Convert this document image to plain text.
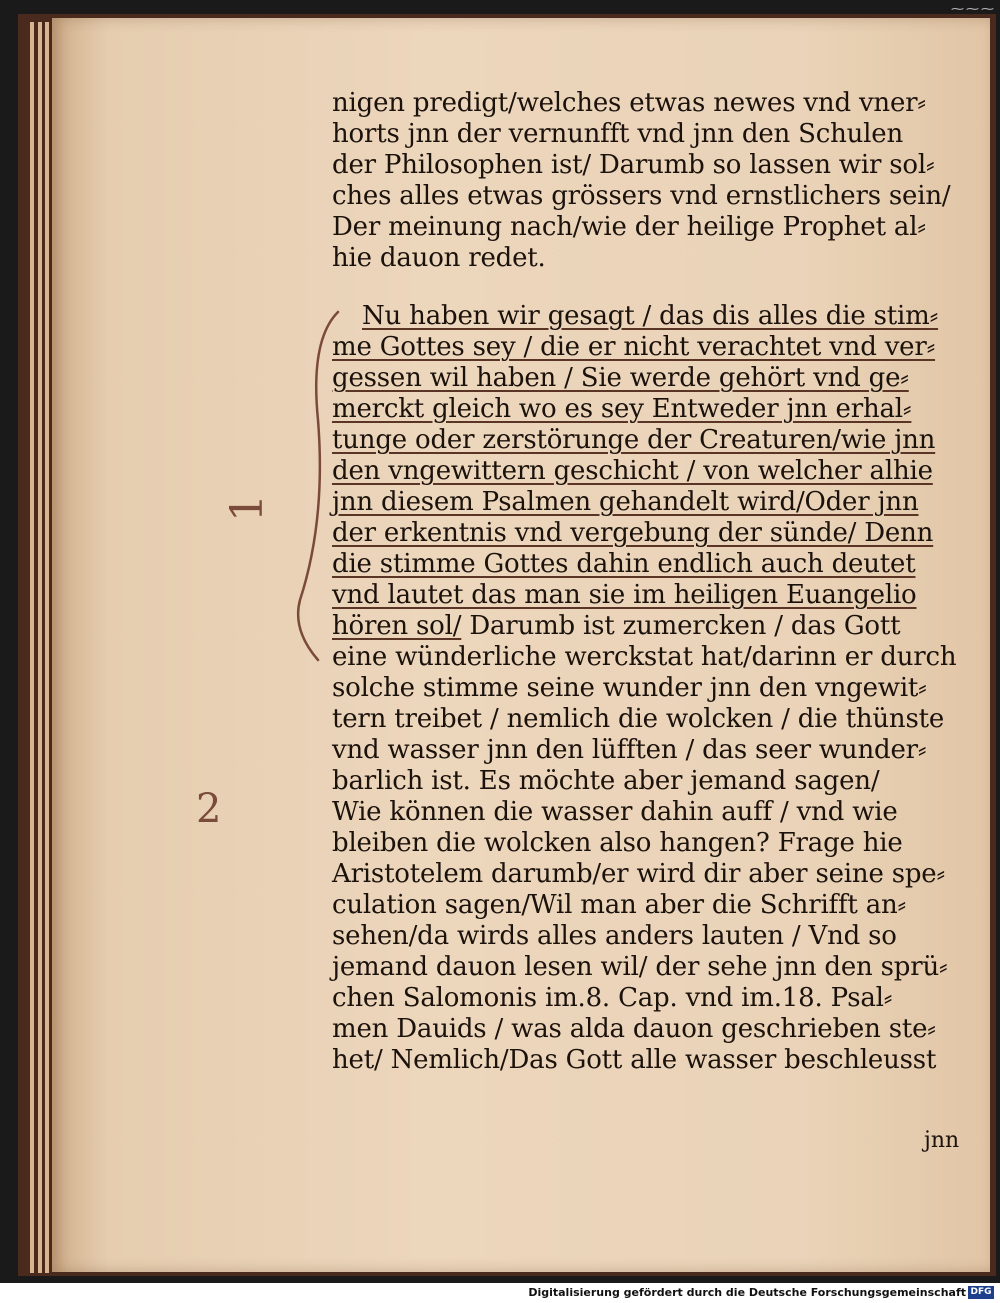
nigen predigt/welches etwas newes vnd vner⸗
horts jnn der vernunfft vnd jnn den Schulen
der Philosophen ist/ Darumb so lassen wir sol⸗
ches alles etwas grössers vnd ernstlichers sein/
Der meinung nach/wie der heilige Prophet al⸗
hie dauon redet.
Nu haben wir gesagt / das dis alles die stim⸗
me Gottes sey / die er nicht verachtet vnd ver⸗
gessen wil haben / Sie werde gehört vnd ge⸗
merckt gleich wo es sey Entweder jnn erhal⸗
tunge oder zerstörunge der Creaturen/wie jnn
den vngewittern geschicht / von welcher alhie
jnn diesem Psalmen gehandelt wird/Oder jnn
der erkentnis vnd vergebung der sünde/ Denn
die stimme Gottes dahin endlich auch deutet
vnd lautet das man sie im heiligen Euangelio
hören sol/ Darumb ist zumercken / das Gott
eine wünderliche werckstat hat/darinn er durch
solche stimme seine wunder jnn den vngewit⸗
tern treibet / nemlich die wolcken / die thünste
vnd wasser jnn den lüfften / das seer wunder⸗
barlich ist. Es möchte aber jemand sagen/
Wie können die wasser dahin auff / vnd wie
bleiben die wolcken also hangen? Frage hie
Aristotelem darumb/er wird dir aber seine spe⸗
culation sagen/Wil man aber die Schrifft an⸗
sehen/da wirds alles anders lauten / Vnd so
jemand dauon lesen wil/ der sehe jnn den sprü⸗
chen Salomonis im.8. Cap. vnd im.18. Psal⸗
men Dauids / was alda dauon geschrieben ste⸗
het/ Nemlich/Das Gott alle wasser beschleusst
jnn
1
2
⁓⁓⁓
Digitalisierung gefördert durch die Deutsche Forschungsgemeinschaft DFG
